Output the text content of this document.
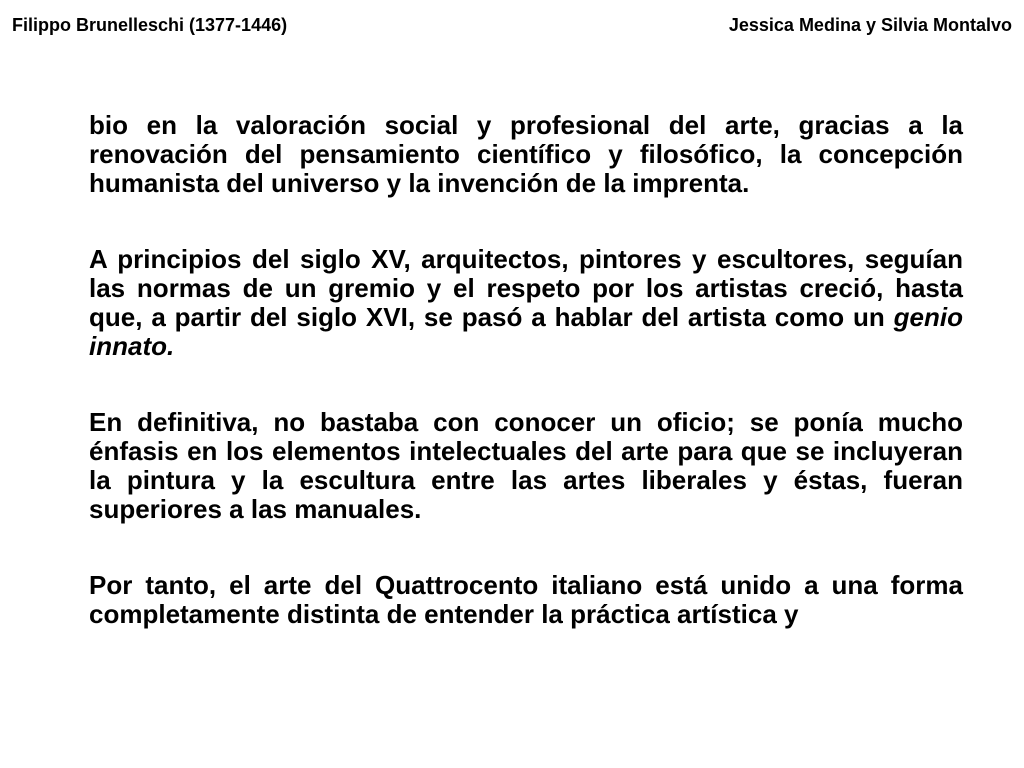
Filippo Brunelleschi (1377-1446)	Jessica Medina y Silvia Montalvo

bio en la valoración social y profesional del arte, gracias a la renovación del pensamiento científico y filosófico, la concepción humanista del universo y la invención de la imprenta.

A principios del siglo XV, arquitectos, pintores y escultores, seguían las normas de un gremio y el respeto por los artistas creció, hasta que, a partir del siglo XVI, se pasó a hablar del artista como un genio innato.

En definitiva, no bastaba con conocer un oficio; se ponía mucho énfasis en los elementos intelectuales del arte para que se incluyeran la pintura y la escultura entre las artes liberales y éstas, fueran superiores a las manuales.

Por tanto, el arte del Quattrocento italiano está unido a una forma completamente distinta de entender la práctica artística y
